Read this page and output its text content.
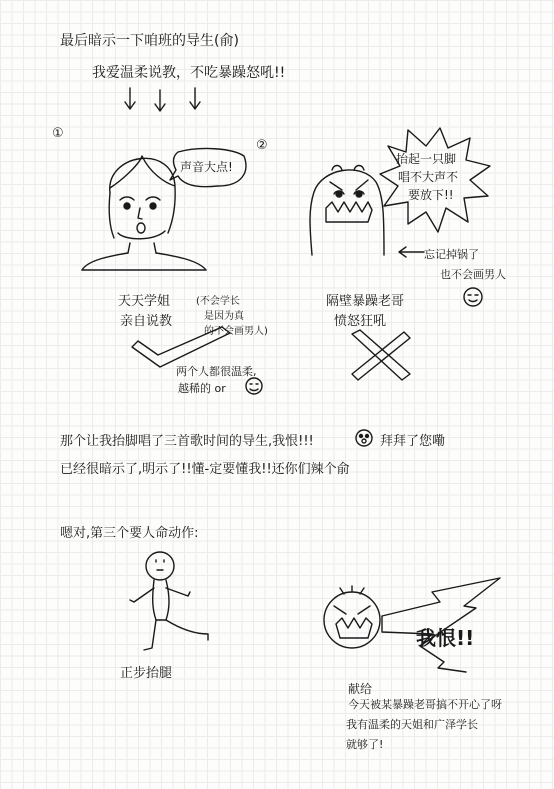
最后暗示一下咱班的导生(俞)
我爱温柔说教，不吃暴躁怒吼!!
①
声音大点!
天天学姐
亲自说教
(不会学长
是因为真
的不会画男人)
两个人都很温柔,
越稀的 or
②
抬起一只脚
唱不大声不
要放下!!
隔壁暴躁老哥
愤怒狂吼
忘记掉锅了
也不会画男人
那个让我抬脚唱了三首歌时间的导生,我恨!!!	拜拜了您嘞
已经很暗示了,明示了!!懂-定要懂我!!还你们辣个俞
嗯对,第三个要人命动作:
正步抬腿
我恨!!
献给
今天被某暴躁老哥搞不开心了呀
我有温柔的天姐和广泽学长
就够了!
